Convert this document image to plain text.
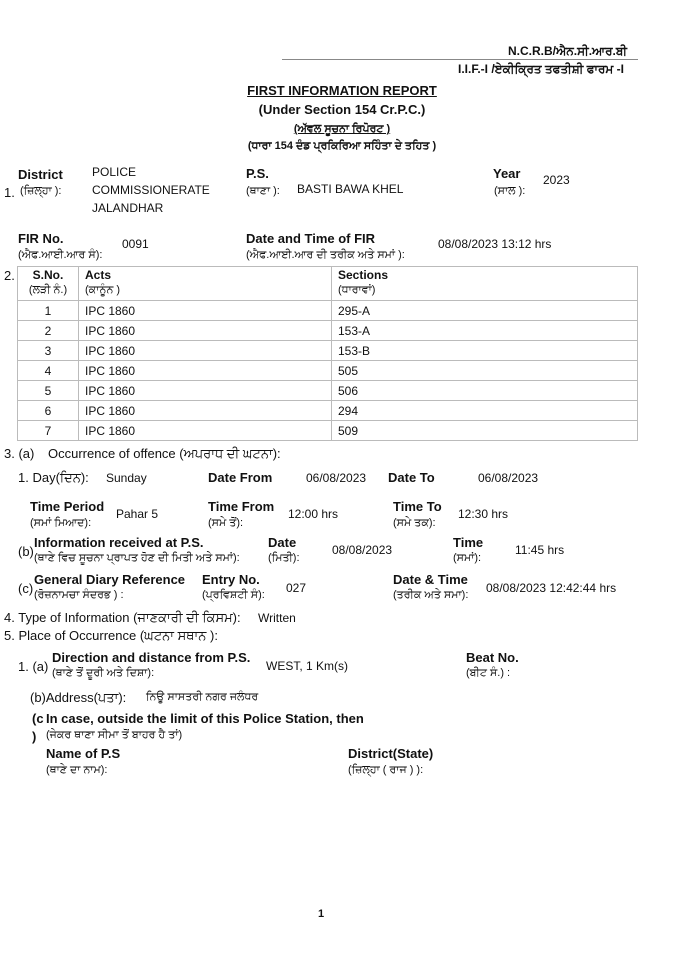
N.C.R.B/ਐਨ.ਸੀ.ਆਰ.ਬੀ
I.I.F.-I /ਏਕੀਕ੍ਰਿਤ ਤਫਤੀਸ਼ੀ ਫਾਰਮ -I
FIRST INFORMATION REPORT
(Under Section 154 Cr.P.C.)
(ਅੱਵਲ ਸੂਚਨਾ ਰਿਪੋਰਟ )
(ਧਾਰਾ 154 ਦੰਡ ਪ੍ਰਕਿਰਿਆ ਸਹਿੰਤਾ ਦੇ ਤਹਿਤ )
1.
District
(ਜ਼ਿਲ੍ਹਾ ):
POLICE
COMMISSIONERATE
JALANDHAR
P.S.
(ਥਾਣਾ ): BASTI BAWA KHEL
Year
(ਸਾਲ ):
2023
FIR No.
(ਐਫ.ਆਈ.ਆਰ ਸੰ):
0091	Date and Time of FIR
(ਐਫ.ਆਈ.ਆਰ ਦੀ ਤਰੀਕ ਅਤੇ ਸਮਾਂ ):
08/08/2023 13:12 hrs
2. S.No.
(ਲੜੀ ਨੰ.)	Acts
(ਕਾਨੂੰਨ )	Sections
(ਧਾਰਾਵਾਂ)
1	IPC 1860	295-A
2	IPC 1860	153-A
3	IPC 1860	153-B
4	IPC 1860	505
5	IPC 1860	506
6	IPC 1860	294
7	IPC 1860	509
3. (a) Occurrence of offence (ਅਪਰਾਧ ਦੀ ਘਟਨਾ):
1. Day(ਦਿਨ): Sunday	Date From	06/08/2023 Date To	06/08/2023
Time Period
(ਸਮਾਂ ਮਿਆਦ):
Pahar 5	Time From
(ਸਮੇ ਤੋਂ):
12:00 hrs	Time To
(ਸਮੇ ਤਕ):
12:30 hrs
(b)
Information received at P.S.
(ਥਾਣੇ ਵਿਚ ਸੂਚਨਾ ਪ੍ਰਾਪਤ ਹੋਣ ਦੀ ਮਿਤੀ ਅਤੇ ਸਮਾਂ):
Date
(ਮਿਤੀ):
08/08/2023	Time
(ਸਮਾਂ):
11:45 hrs
(c)
General Diary Reference
(ਰੋਜ਼ਨਾਮਚਾ ਸੰਦਰਭ ) :
Entry No.
(ਪ੍ਰਵਿਸ਼ਟੀ ਸੰ): 027
Date & Time
(ਤਰੀਕ ਅਤੇ ਸਮਾ): 08/08/2023 12:42:44 hrs
4. Type of Information (ਜਾਣਕਾਰੀ ਦੀ ਕਿਸਮ): Written
5. Place of Occurrence (ਘਟਨਾ ਸਥਾਨ ):
1. (a)
Direction and distance from P.S.
(ਥਾਣੇ ਤੋਂ ਦੂਰੀ ਅਤੇ ਦਿਸ਼ਾ):	WEST, 1 Km(s)
Beat No.
(ਬੀਟ ਸੰ.) :
(b)Address(ਪਤਾ): ਨਿਊ ਸਾਸਤਰੀ ਨਗਰ ਜਲੰਧਰ
(c
)
In case, outside the limit of this Police Station, then
(ਜੇਕਰ ਥਾਣਾ ਸੀਮਾ ਤੋਂ ਬਾਹਰ ਹੈ ਤਾਂ)
Name of P.S
(ਥਾਣੇ ਦਾ ਨਾਮ):
District(State)
(ਜ਼ਿਲ੍ਹਾ ( ਰਾਜ ) ):
1
